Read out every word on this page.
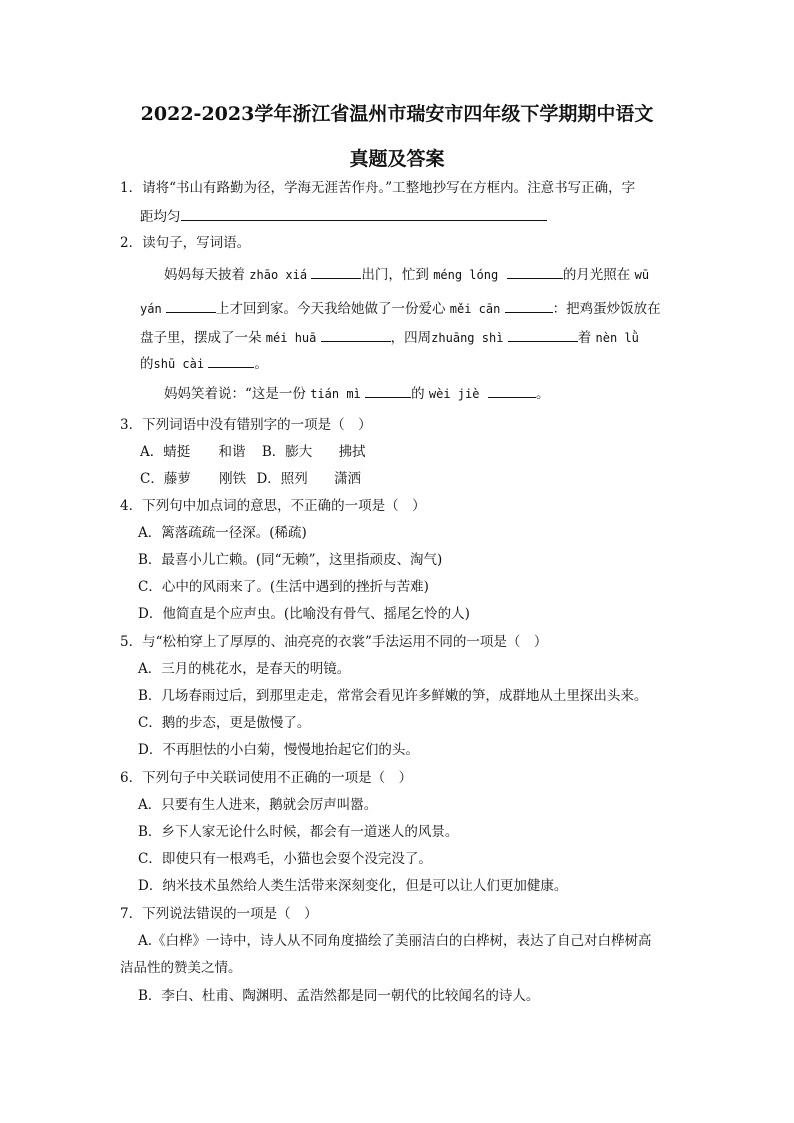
2022-2023学年浙江省温州市瑞安市四年级下学期期中语文
真题及答案
1．请将“书山有路勤为径，学海无涯苦作舟。”工整地抄写在方框内。注意书写正确，字
距均匀
2．读句子，写词语。
妈妈每天披着 zhāo xiá	出门，忙到 méng lóng	的月光照在 wū
yán	上才回到家。今天我给她做了一份爱心 měi cān	：把鸡蛋炒饭放在
盘子里，摆成了一朵 méi huā	，四周zhuāng shì	着 nèn lǜ
的shū cài	。
妈妈笑着说：“这是一份 tián mì	的 wèi jiè	。
3．下列词语中没有错别字的一项是（　）
A．蜻挺 和谐 B．膨大 拂拭
C．藤萝 刚铁 D．照列 潇洒
4．下列句中加点词的意思，不正确的一项是（　）
A．篱落疏疏一径深。(稀疏)
B．最喜小儿亡赖。(同“无赖”，这里指顽皮、淘气)
C．心中的风雨来了。(生活中遇到的挫折与苦难)
D．他简直是个应声虫。(比喻没有骨气、摇尾乞怜的人)
5．与“松柏穿上了厚厚的、油亮亮的衣裳”手法运用不同的一项是（　）
A．三月的桃花水，是春天的明镜。
B．几场春雨过后，到那里走走，常常会看见许多鲜嫩的笋，成群地从土里探出头来。
C．鹅的步态，更是傲慢了。
D．不再胆怯的小白菊，慢慢地抬起它们的头。
6．下列句子中关联词使用不正确的一项是（　）
A．只要有生人进来，鹅就会厉声叫嚣。
B．乡下人家无论什么时候，都会有一道迷人的风景。
C．即使只有一根鸡毛，小猫也会耍个没完没了。
D．纳米技术虽然给人类生活带来深刻变化，但是可以让人们更加健康。
7．下列说法错误的一项是（　）
A.《白桦》一诗中，诗人从不同角度描绘了美丽洁白的白桦树，表达了自己对白桦树高
洁品性的赞美之情。
B．李白、杜甫、陶渊明、孟浩然都是同一朝代的比较闻名的诗人。
